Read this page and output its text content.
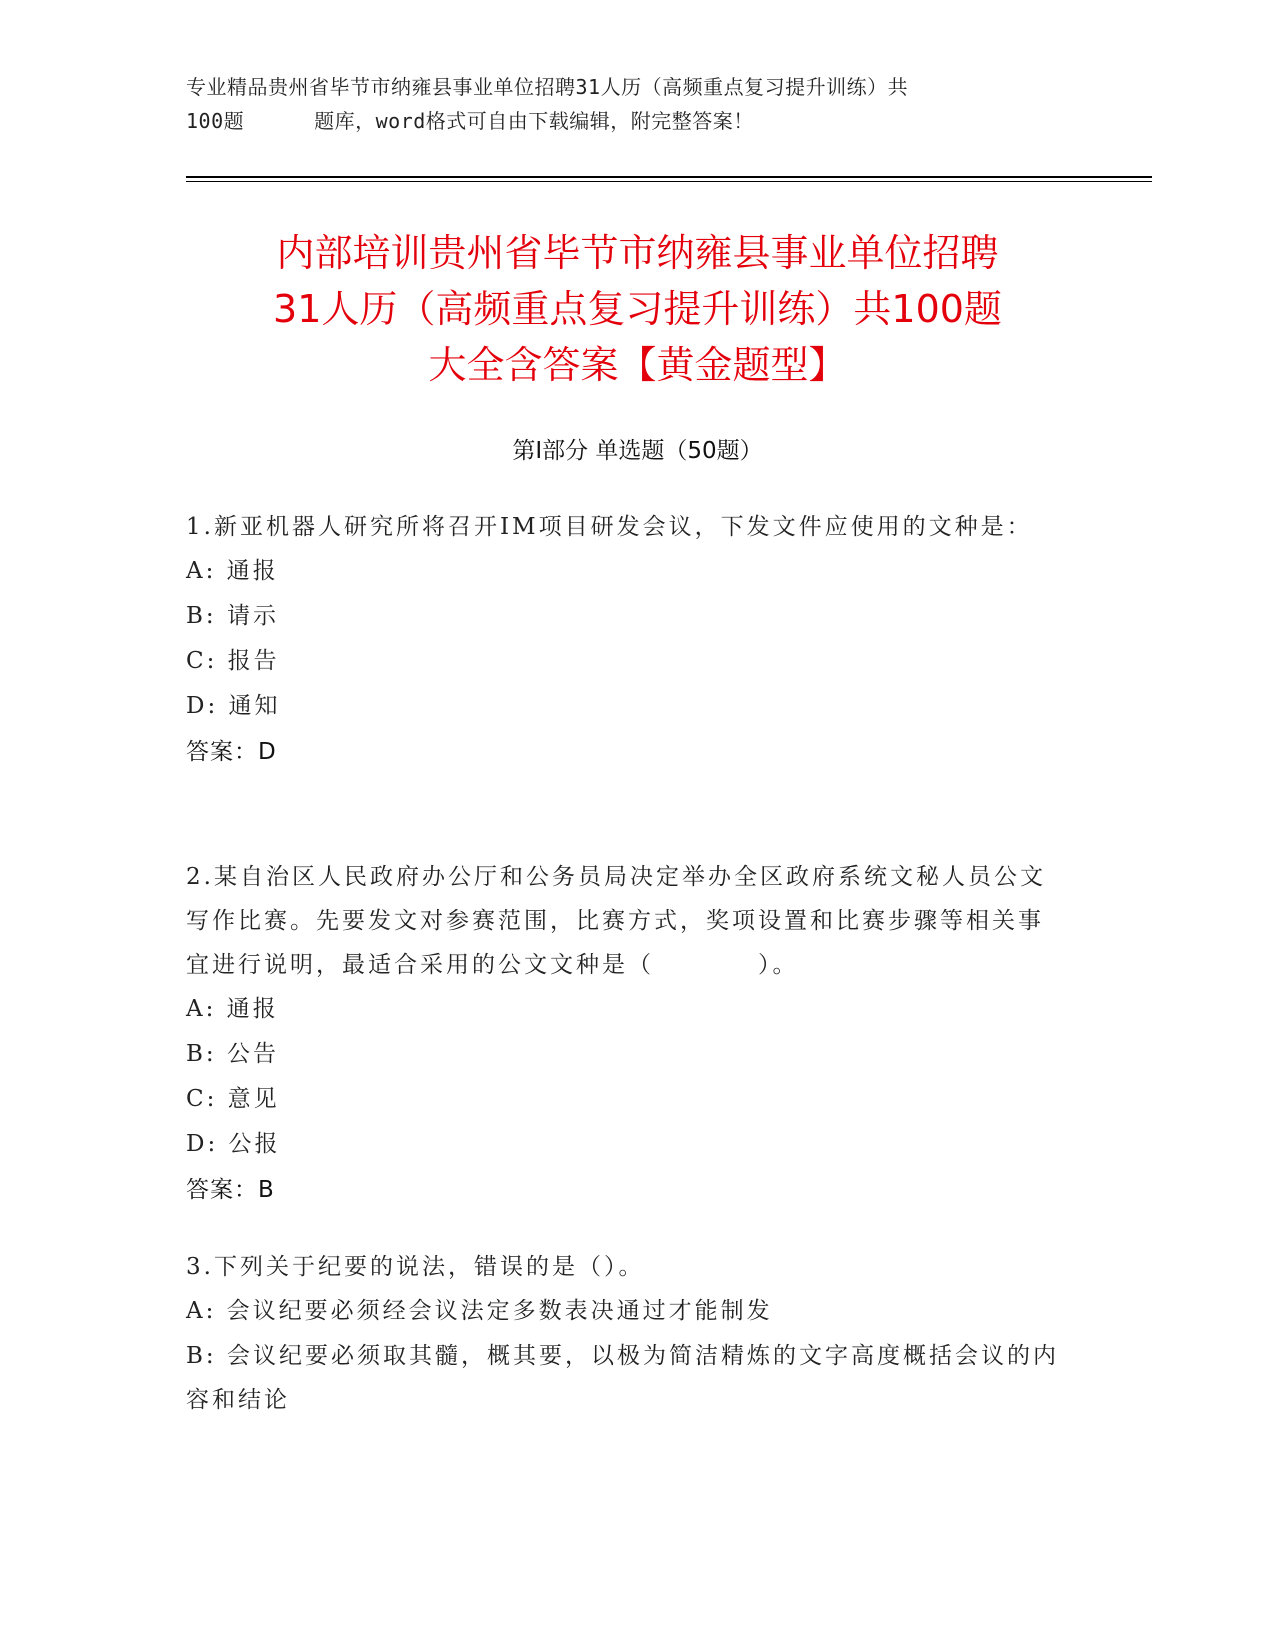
专业精品贵州省毕节市纳雍县事业单位招聘31人历（高频重点复习提升训练）共
100题	题库，word格式可自由下载编辑，附完整答案！
内部培训贵州省毕节市纳雍县事业单位招聘
31人历（高频重点复习提升训练）共100题
大全含答案【黄金题型】
第Ⅰ部分 单选题（50题）
1.新亚机器人研究所将召开IM项目研发会议，下发文件应使用的文种是：
A: 通报
B: 请示
C: 报告
D: 通知
答案：D
2.某自治区人民政府办公厅和公务员局决定举办全区政府系统文秘人员公文写作比赛。先要发文对参赛范围，比赛方式，奖项设置和比赛步骤等相关事宜进行说明，最适合采用的公文文种是（　　　　）。
A: 通报
B: 公告
C: 意见
D: 公报
答案：B
3.下列关于纪要的说法，错误的是（）。
A: 会议纪要必须经会议法定多数表决通过才能制发
B: 会议纪要必须取其髓，概其要，以极为简洁精炼的文字高度概括会议的内容和结论
